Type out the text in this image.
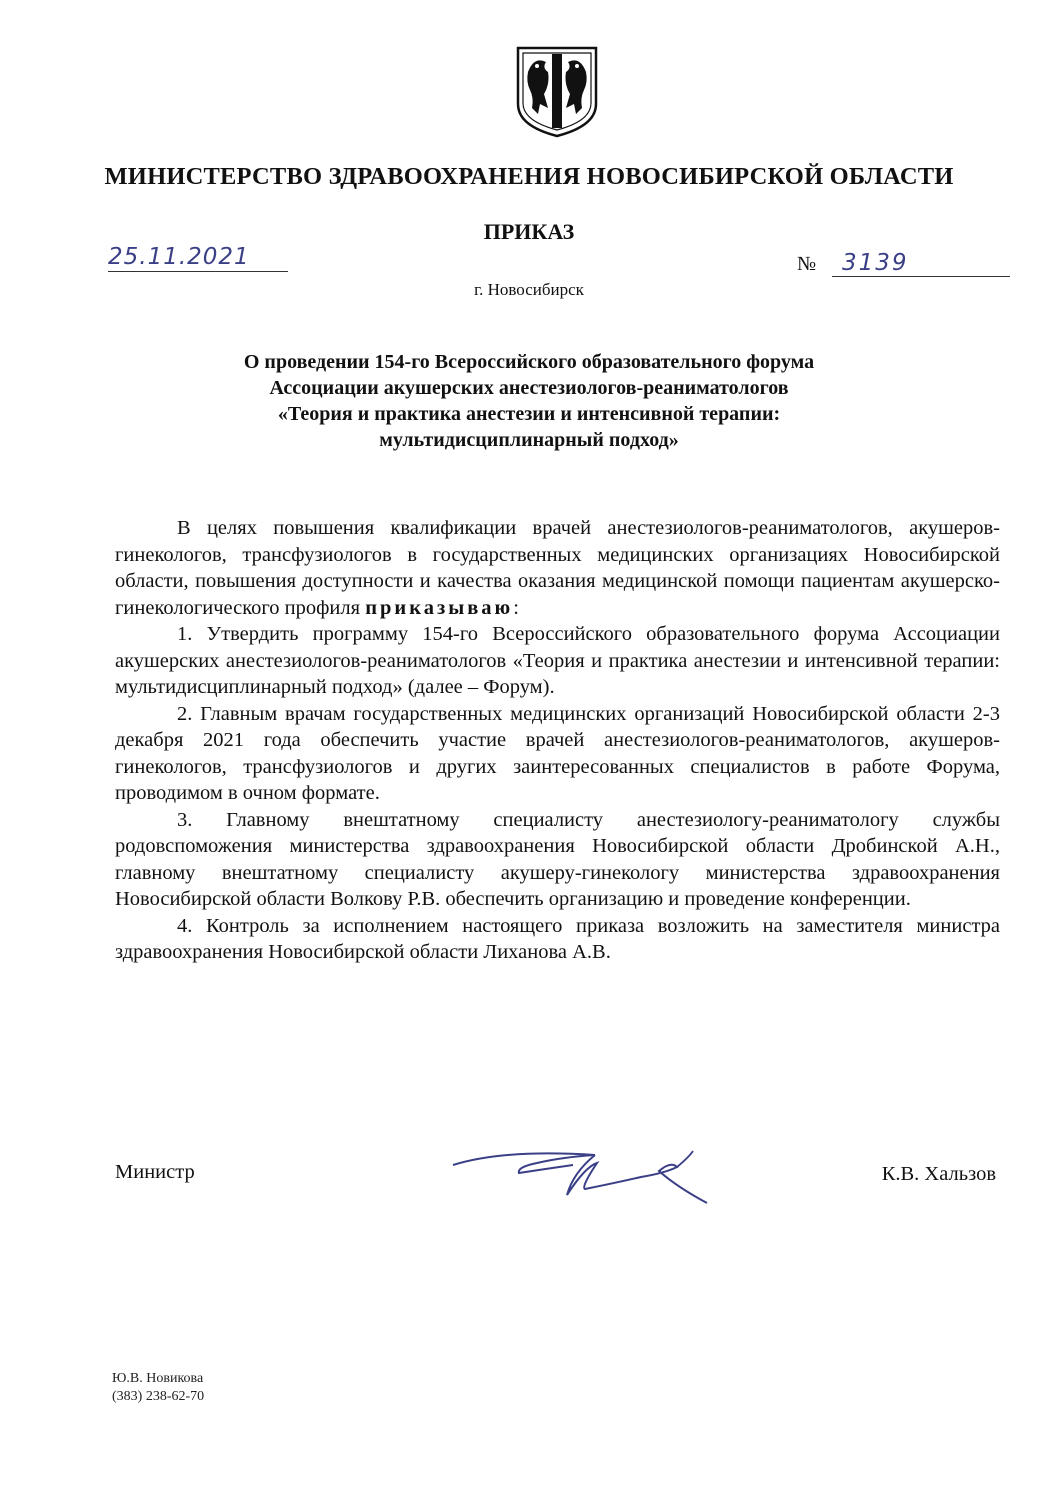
МИНИСТЕРСТВО ЗДРАВООХРАНЕНИЯ НОВОСИБИРСКОЙ ОБЛАСТИ
ПРИКАЗ
25.11.2021	№	3139
г. Новосибирск
О проведении 154-го Всероссийского образовательного форума
Ассоциации акушерских анестезиологов-реаниматологов
«Теория и практика анестезии и интенсивной терапии:
мультидисциплинарный подход»

В целях повышения квалификации врачей анестезиологов-реаниматологов, акушеров-гинекологов, трансфузиологов в государственных медицинских организациях Новосибирской области, повышения доступности и качества оказания медицинской помощи пациентам акушерско-гинекологического профиля приказываю:

1. Утвердить программу 154-го Всероссийского образовательного форума Ассоциации акушерских анестезиологов-реаниматологов «Теория и практика анестезии и интенсивной терапии: мультидисциплинарный подход» (далее – Форум).

2. Главным врачам государственных медицинских организаций Новосибирской области 2-3 декабря 2021 года обеспечить участие врачей анестезиологов-реаниматологов, акушеров-гинекологов, трансфузиологов и других заинтересованных специалистов в работе Форума, проводимом в очном формате.

3. Главному внештатному специалисту анестезиологу-реаниматологу службы родовспоможения министерства здравоохранения Новосибирской области Дробинской А.Н., главному внештатному специалисту акушеру-гинекологу министерства здравоохранения Новосибирской области Волкову Р.В. обеспечить организацию и проведение конференции.

4. Контроль за исполнением настоящего приказа возложить на заместителя министра здравоохранения Новосибирской области Лиханова А.В.

Министр	К.В. Хальзов
Ю.В. Новикова
(383) 238-62-70
